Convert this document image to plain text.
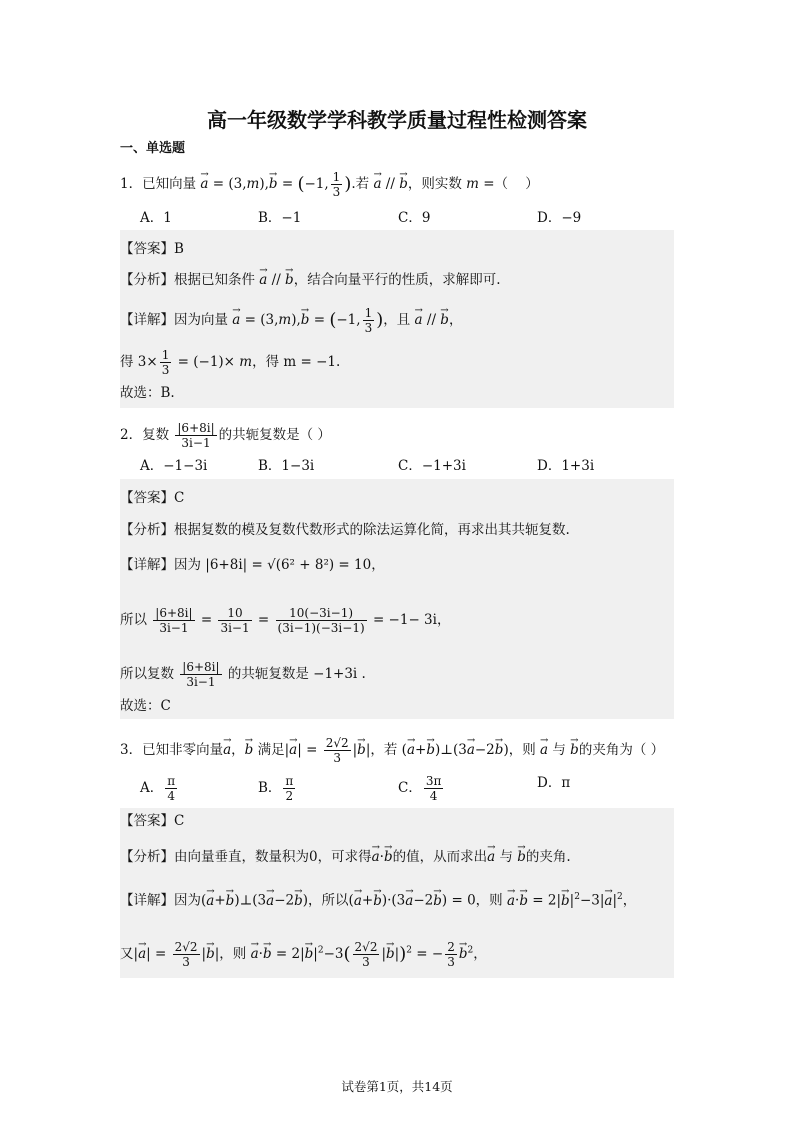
高一年级数学学科教学质量过程性检测答案
一、单选题
1．已知向量 → a = (3,m),→ b = (−1, $\frac{1}{3}$ ).若 → a // → b，则实数 m =（    ）
A．1	B．−1	C．9	D．−9
【答案】B
【分析】根据已知条件 → a // → b，结合向量平行的性质，求解即可.
【详解】因为向量 → a = (3,m),→ b = (−1, $\frac{1}{3}$ )，且 → a // → b，
得 $3\times \frac{1}{3} = (-1)\times m$，得 m = −1.
故选：B.
2．复数 $\frac{|6+8i|}{3i-1}$ 的共轭复数是（ ）
A．−1−3i	B．1−3i	C．−1+3i	D．1+3i
【答案】C
【分析】根据复数的模及复数代数形式的除法运算化简，再求出其共轭复数.
【详解】因为 |6+8i| = √(6² + 8²) = 10，
所以 $\frac{|6+8i|}{3i-1} = \frac{10}{3i-1} = \frac{10(-3i-1)}{(3i-1)(-3i-1)} = -1- 3i$，
所以复数 $\frac{|6+8i|}{3i-1}$ 的共轭复数是 −1+3i .
故选：C
3．已知非零向量→ a，→ b 满足|→ $a| = \frac{2√2}{3}$ |→ b|，若 (→ a+→ b)⊥(3→ a−2→ b)，则 → a 与 → b的夹角为（ ）
A． $\frac{\pi}{4}$	B． $\frac{\pi}{2}$	C． $\frac{3\pi}{4}$	D．π
【答案】C
【分析】由向量垂直，数量积为0，可求得→ a·→ b的值，从而求出→ a 与 → b的夹角.
【详解】因为(→ a+→ b)⊥(3→ a−2→ b)，所以(→ a+→ b)·(3→ a−2→ b) = 0，则 → $a\cdot\to b = 2|\to b|^2-3|\to a|^2$，
又|→ $a| = \frac{2√2}{3}$ |→ b|，则 → $a\cdot\to b = 2|\to b|^2-3( \frac{2√2}{3}$ |→ b|)$^2$ = − $\frac{2}{3}$
→ $b^2$，
试卷第1页，共14页
